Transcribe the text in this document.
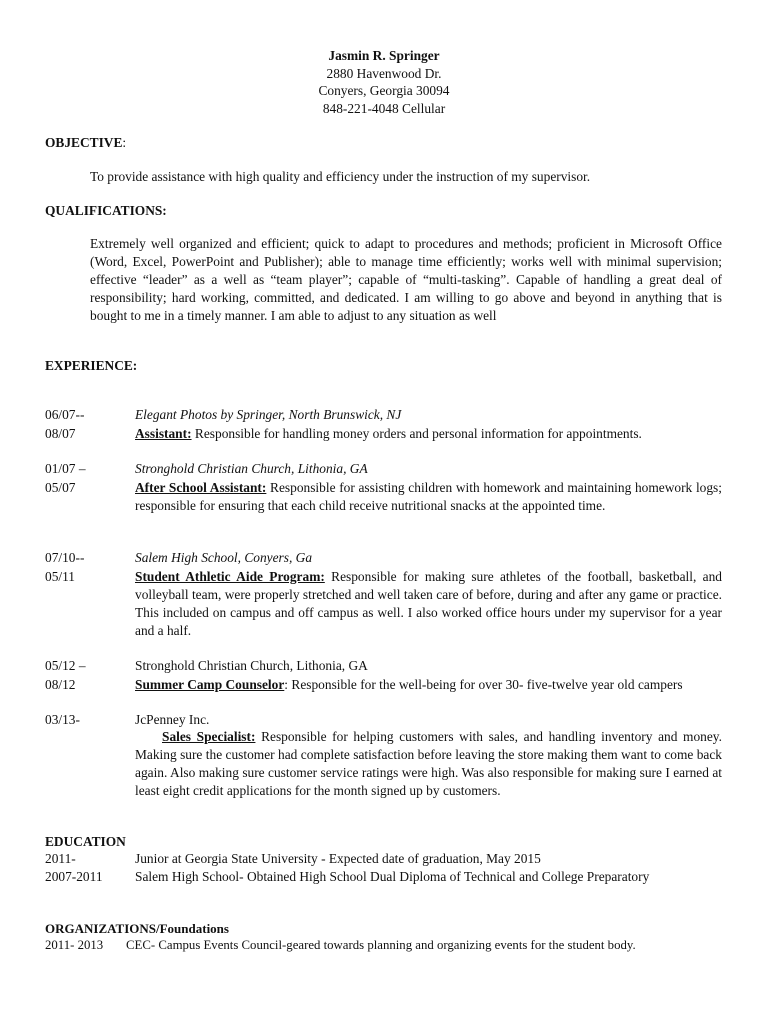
Jasmin R. Springer
2880 Havenwood Dr.
Conyers, Georgia 30094
848-221-4048 Cellular
OBJECTIVE:
To provide assistance with high quality and efficiency under the instruction of my supervisor.
QUALIFICATIONS:
Extremely well organized and efficient; quick to adapt to procedures and methods; proficient in Microsoft Office (Word, Excel, PowerPoint and Publisher); able to manage time efficiently; works well with minimal supervision; effective “leader” as a well as “team player”; capable of “multi-tasking”. Capable of handling a great deal of responsibility; hard working, committed, and dedicated. I am willing to go above and beyond in anything that is bought to me in a timely manner. I am able to adjust to any situation as well
EXPERIENCE:
06/07--
08/07
Elegant Photos by Springer, North Brunswick, NJ
Assistant: Responsible for handling money orders and personal information for appointments.
01/07 –
05/07
Stronghold Christian Church, Lithonia, GA
After School Assistant: Responsible for assisting children with homework and maintaining homework logs; responsible for ensuring that each child receive nutritional snacks at the appointed time.
07/10--
05/11
Salem High School, Conyers, Ga
Student Athletic Aide Program: Responsible for making sure athletes of the football, basketball, and volleyball team, were properly stretched and well taken care of before, during and after any game or practice. This included on campus and off campus as well. I also worked office hours under my supervisor for a year and a half.
05/12 –
08/12
Stronghold Christian Church, Lithonia, GA
Summer Camp Counselor: Responsible for the well-being for over 30- five-twelve year old campers
03/13-	JcPenney Inc.
Sales Specialist: Responsible for helping customers with sales, and handling inventory and money. Making sure the customer had complete satisfaction before leaving the store making them want to come back again. Also making sure customer service ratings were high. Was also responsible for making sure I earned at least eight credit applications for the month signed up by customers.
EDUCATION
2011-	Junior at Georgia State University - Expected date of graduation, May 2015
2007-2011 Salem High School- Obtained High School Dual Diploma of Technical and College Preparatory
ORGANIZATIONS/Foundations
2011- 2013 CEC- Campus Events Council-geared towards planning and organizing events for the student body.
